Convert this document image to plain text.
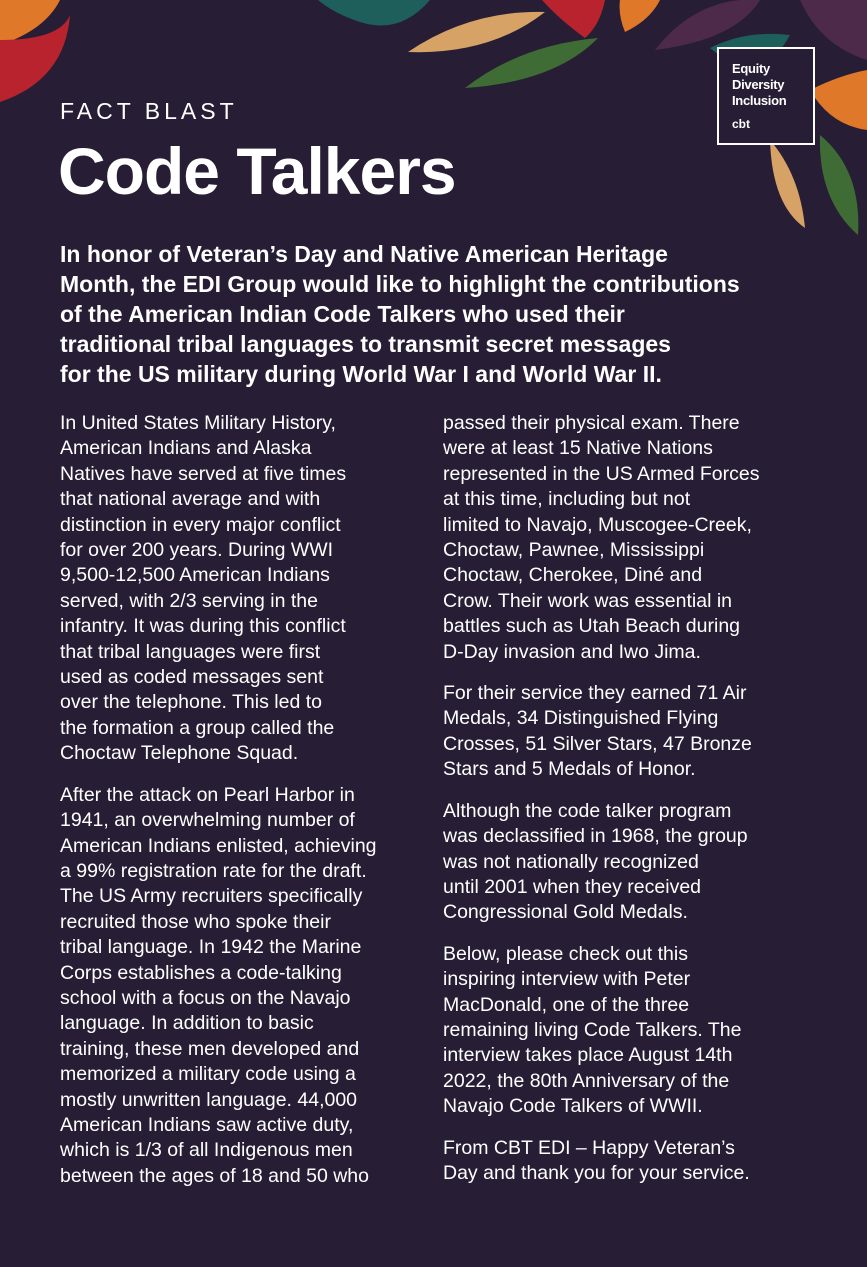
FACT BLAST
Code Talkers
Equity
Diversity
Inclusion
cbt
In honor of Veteran’s Day and Native American Heritage
Month, the EDI Group would like to highlight the contributions
of the American Indian Code Talkers who used their
traditional tribal languages to transmit secret messages
for the US military during World War I and World War II.

In United States Military History,
American Indians and Alaska
Natives have served at five times
that national average and with
distinction in every major conflict
for over 200 years. During WWI
9,500-12,500 American Indians
served, with 2/3 serving in the
infantry. It was during this conflict
that tribal languages were first
used as coded messages sent
over the telephone. This led to
the formation a group called the
Choctaw Telephone Squad.

After the attack on Pearl Harbor in
1941, an overwhelming number of
American Indians enlisted, achieving
a 99% registration rate for the draft.
The US Army recruiters specifically
recruited those who spoke their
tribal language. In 1942 the Marine
Corps establishes a code-talking
school with a focus on the Navajo
language. In addition to basic
training, these men developed and
memorized a military code using a
mostly unwritten language. 44,000
American Indians saw active duty,
which is 1/3 of all Indigenous men
between the ages of 18 and 50 who

passed their physical exam. There
were at least 15 Native Nations
represented in the US Armed Forces
at this time, including but not
limited to Navajo, Muscogee-Creek,
Choctaw, Pawnee, Mississippi
Choctaw, Cherokee, Diné and
Crow. Their work was essential in
battles such as Utah Beach during
D-Day invasion and Iwo Jima.

For their service they earned 71 Air
Medals, 34 Distinguished Flying
Crosses, 51 Silver Stars, 47 Bronze
Stars and 5 Medals of Honor.

Although the code talker program
was declassified in 1968, the group
was not nationally recognized
until 2001 when they received
Congressional Gold Medals.

Below, please check out this
inspiring interview with Peter
MacDonald, one of the three
remaining living Code Talkers. The
interview takes place August 14th
2022, the 80th Anniversary of the
Navajo Code Talkers of WWII.

From CBT EDI – Happy Veteran’s
Day and thank you for your service.
